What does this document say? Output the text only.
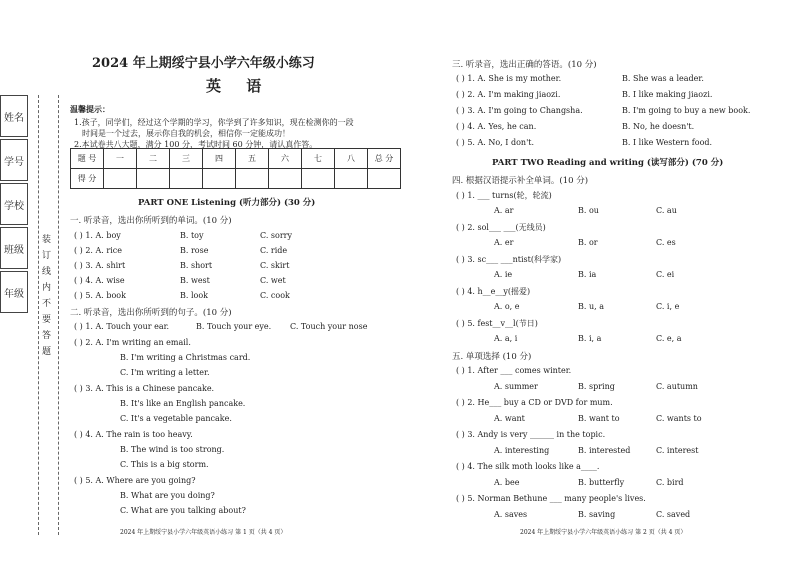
姓名
学号
学校
班级
年级
装订线内不要答题
2024 年上期绥宁县小学六年级小练习
英 语
温馨提示：
1.孩子，同学们，经过这个学期的学习，你学到了许多知识，现在检测你的一段
时间是一个过去，展示你自我的机会，相信你一定能成功！
2.本试卷共八大题，满分 100 分，考试时间 60 分钟，请认真作答。
题 号	一	二	三	四	五	六	七	八	总 分
得 分									
PART ONE Listening (听力部分) (30 分)
一. 听录音，选出你所听到的单词。(10 分)
( ) 1. A. boy	B. toy	C. sorry
( ) 2. A. rice	B. rose	C. ride
( ) 3. A. shirt	B. short	C. skirt
( ) 4. A. wise	B. west	C. wet
( ) 5. A. book	B. look	C. cook
二. 听录音，选出你所听到的句子。(10 分)
( ) 1. A. Touch your ear.	B. Touch your eye. C. Touch your nose
( ) 2. A. I'm writing an email.
B. I'm writing a Christmas card.
C. I'm writing a letter.
( ) 3. A. This is a Chinese pancake.
B. It's like an English pancake.
C. It's a vegetable pancake.
( ) 4. A. The rain is too heavy.
B. The wind is too strong.
C. This is a big storm.
( ) 5. A. Where are you going?
B. What are you doing?
C. What are you talking about?
2024 年上期绥宁县小学六年级英语小练习 第 1 页（共 4 页）
三. 听录音，选出正确的答语。(10 分)
( ) 1. A. She is my mother.	B. She was a leader.
( ) 2. A. I'm making jiaozi.	B. I like making jiaozi.
( ) 3. A. I'm going to Changsha.	B. I'm going to buy a new book.
( ) 4. A. Yes, he can.	B. No, he doesn't.
( ) 5. A. No, I don't.	B. I like Western food.
PART TWO Reading and writing (读写部分) (70 分)
四. 根据汉语提示补全单词。(10 分)
( ) 1. ___ turns(轮，轮流)
A. ar	B. ou	C. au
( ) 2. sol___ ___(无线员)
A. er	B. or	C. es
( ) 3. sc___ ___ntist(科学家)
A. ie	B. ia	C. ei
( ) 4. h__e__y(摇爱)
A. o, e	B. u, a	C. i, e
( ) 5. fest__v__l(节日)
A. a, i	B. i, a	C. e, a
五. 单项选择 (10 分)
( ) 1. After ___ comes winter.
A. summer	B. spring	C. autumn
( ) 2. He___ buy a CD or DVD for mum.
A. want	B. want to	C. wants to
( ) 3. Andy is very ______ in the topic.
A. interesting	B. interested	C. interest
( ) 4. The silk moth looks like a____.
A. bee	B. butterfly	C. bird
( ) 5. Norman Bethune ___ many people's lives.
A. saves	B. saving	C. saved
2024 年上期绥宁县小学六年级英语小练习 第 2 页（共 4 页）
